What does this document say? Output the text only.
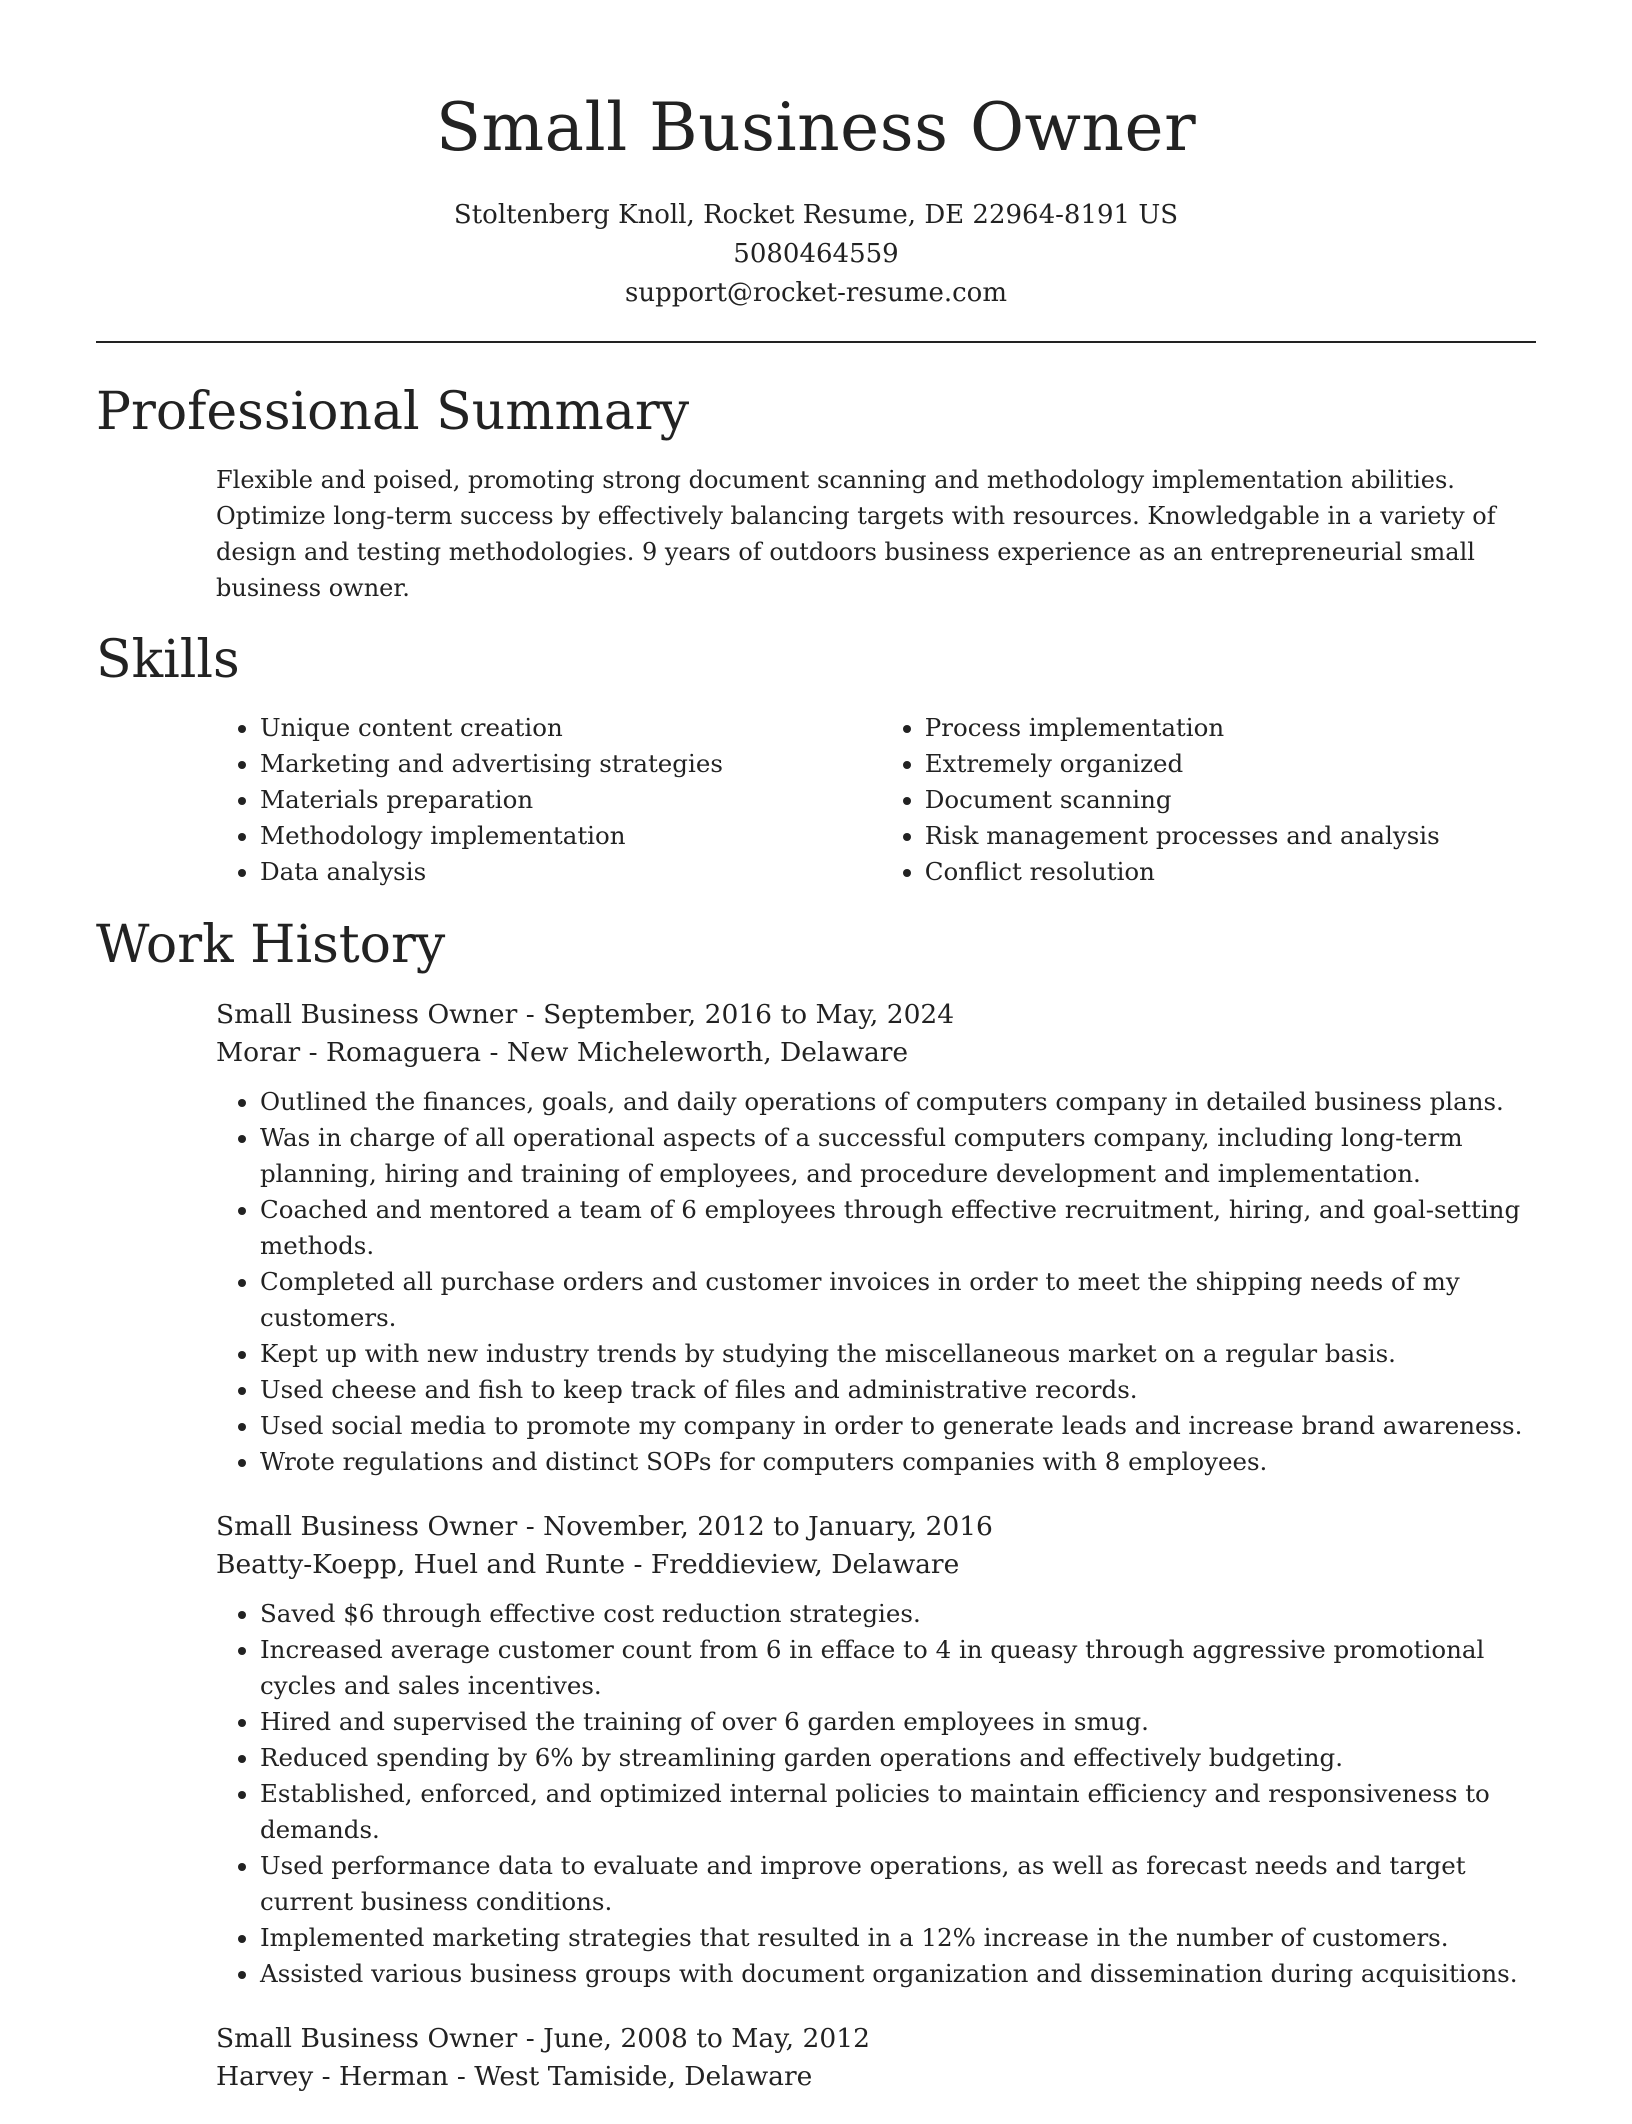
Small Business Owner
Stoltenberg Knoll, Rocket Resume, DE 22964-8191 US
5080464559
support@rocket-resume.com
Professional Summary

Flexible and poised, promoting strong document scanning and methodology implementation abilities. Optimize long-term success by effectively balancing targets with resources. Knowledgable in a variety of design and testing methodologies. 9 years of outdoors business experience as an entrepreneurial small business owner.

Skills
• Unique content creation
• Marketing and advertising strategies
• Materials preparation
• Methodology implementation
• Data analysis
• Process implementation
• Extremely organized
• Document scanning
• Risk management processes and analysis
• Conflict resolution
Work History
Small Business Owner - September, 2016 to May, 2024
Morar - Romaguera - New Micheleworth, Delaware
• Outlined the finances, goals, and daily operations of computers company in detailed business plans.
• Was in charge of all operational aspects of a successful computers company, including long-term planning, hiring and training of employees, and procedure development and implementation.
• Coached and mentored a team of 6 employees through effective recruitment, hiring, and goal-setting methods.
• Completed all purchase orders and customer invoices in order to meet the shipping needs of my customers.
• Kept up with new industry trends by studying the miscellaneous market on a regular basis.
• Used cheese and fish to keep track of files and administrative records.
• Used social media to promote my company in order to generate leads and increase brand awareness.
• Wrote regulations and distinct SOPs for computers companies with 8 employees.
Small Business Owner - November, 2012 to January, 2016
Beatty-Koepp, Huel and Runte - Freddieview, Delaware
• Saved $6 through effective cost reduction strategies.
• Increased average customer count from 6 in efface to 4 in queasy through aggressive promotional cycles and sales incentives.
• Hired and supervised the training of over 6 garden employees in smug.
• Reduced spending by 6% by streamlining garden operations and effectively budgeting.
• Established, enforced, and optimized internal policies to maintain efficiency and responsiveness to demands.
• Used performance data to evaluate and improve operations, as well as forecast needs and target current business conditions.
• Implemented marketing strategies that resulted in a 12% increase in the number of customers.
• Assisted various business groups with document organization and dissemination during acquisitions.
Small Business Owner - June, 2008 to May, 2012
Harvey - Herman - West Tamiside, Delaware
